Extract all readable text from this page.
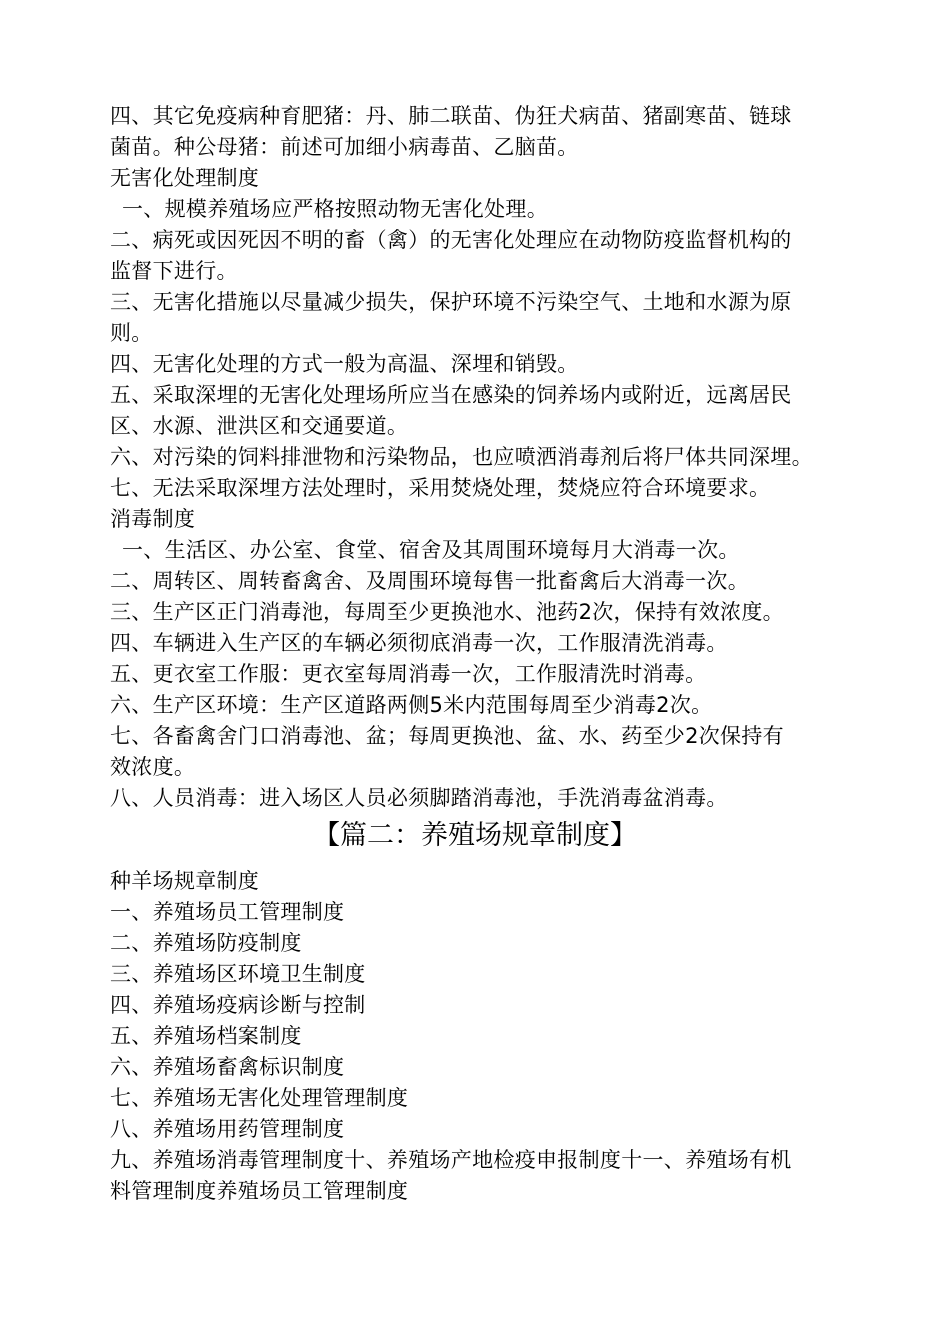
四、其它免疫病种育肥猪：丹、肺二联苗、伪狂犬病苗、猪副寒苗、链球
菌苗。种公母猪：前述可加细小病毒苗、乙脑苗。
无害化处理制度
一、规模养殖场应严格按照动物无害化处理。
二、病死或因死因不明的畜（禽）的无害化处理应在动物防疫监督机构的
监督下进行。
三、无害化措施以尽量减少损失，保护环境不污染空气、土地和水源为原
则。
四、无害化处理的方式一般为高温、深埋和销毁。
五、采取深埋的无害化处理场所应当在感染的饲养场内或附近，远离居民
区、水源、泄洪区和交通要道。
六、对污染的饲料排泄物和污染物品，也应喷洒消毒剂后将尸体共同深埋。
七、无法采取深埋方法处理时，采用焚烧处理，焚烧应符合环境要求。
消毒制度
一、生活区、办公室、食堂、宿舍及其周围环境每月大消毒一次。
二、周转区、周转畜禽舍、及周围环境每售一批畜禽后大消毒一次。
三、生产区正门消毒池，每周至少更换池水、池药2次，保持有效浓度。
四、车辆进入生产区的车辆必须彻底消毒一次，工作服清洗消毒。
五、更衣室工作服：更衣室每周消毒一次，工作服清洗时消毒。
六、生产区环境：生产区道路两侧5米内范围每周至少消毒2次。
七、各畜禽舍门口消毒池、盆；每周更换池、盆、水、药至少2次保持有
效浓度。
八、人员消毒：进入场区人员必须脚踏消毒池，手洗消毒盆消毒。
【篇二：养殖场规章制度】
种羊场规章制度
一、养殖场员工管理制度
二、养殖场防疫制度
三、养殖场区环境卫生制度
四、养殖场疫病诊断与控制
五、养殖场档案制度
六、养殖场畜禽标识制度
七、养殖场无害化处理管理制度
八、养殖场用药管理制度
九、养殖场消毒管理制度十、养殖场产地检疫申报制度十一、养殖场有机
料管理制度养殖场员工管理制度
